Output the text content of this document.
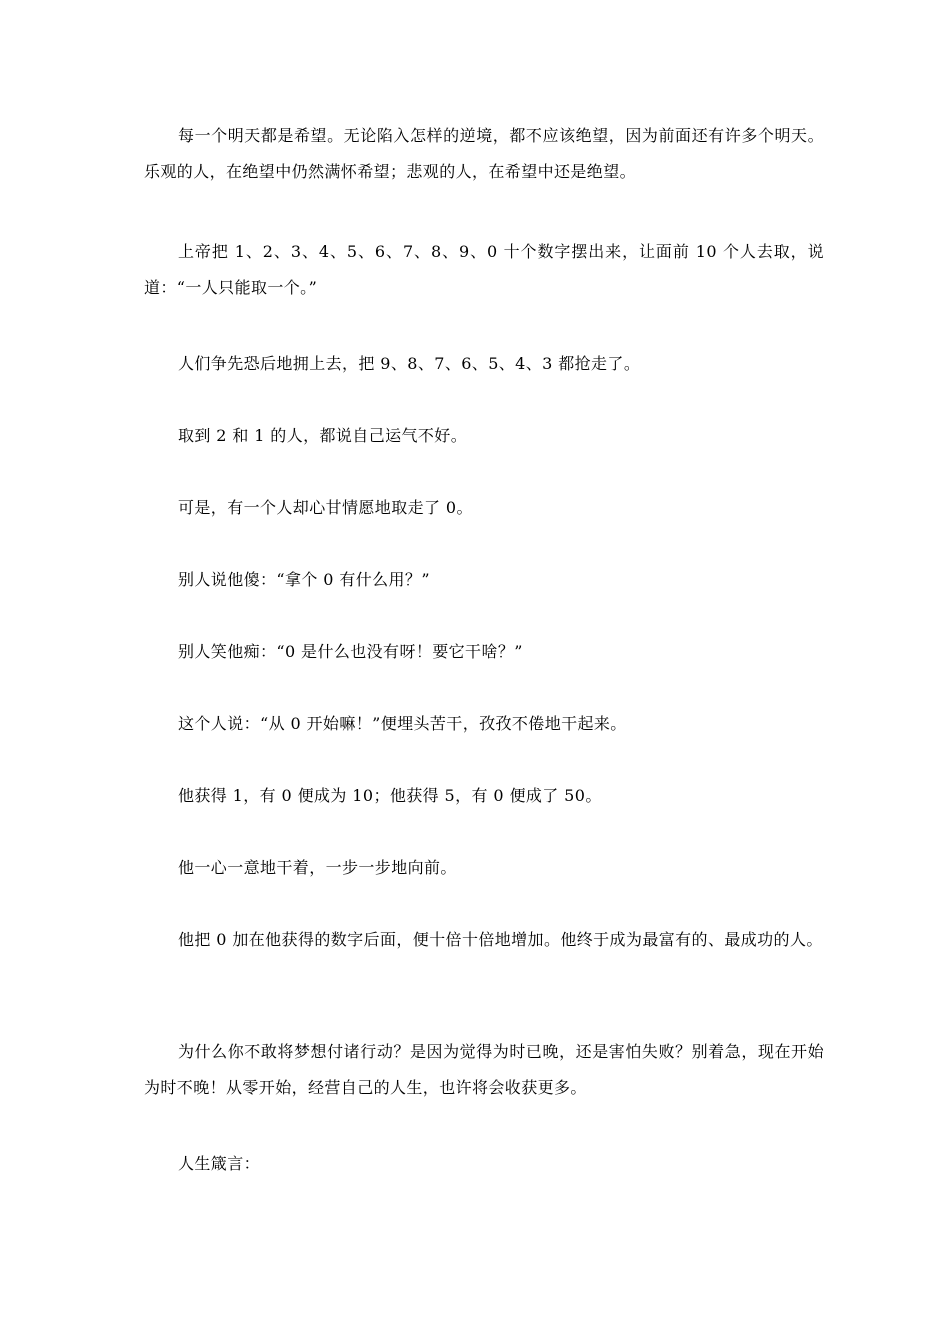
每一个明天都是希望。无论陷入怎样的逆境，都不应该绝望，因为前面还有许多个明天。乐观的人，在绝望中仍然满怀希望；悲观的人，在希望中还是绝望。

上帝把 1、2、3、4、5、6、7、8、9、0 十个数字摆出来，让面前 10 个人去取，说道：“一人只能取一个。”

人们争先恐后地拥上去，把 9、8、7、6、5、4、3 都抢走了。

取到 2 和 1 的人，都说自己运气不好。

可是，有一个人却心甘情愿地取走了 0。

别人说他傻：“拿个 0 有什么用？”

别人笑他痴：“0 是什么也没有呀！要它干啥？”

这个人说：“从 0 开始嘛！”便埋头苦干，孜孜不倦地干起来。

他获得 1，有 0 便成为 10；他获得 5，有 0 便成了 50。

他一心一意地干着，一步一步地向前。

他把 0 加在他获得的数字后面，便十倍十倍地增加。他终于成为最富有的、最成功的人。

为什么你不敢将梦想付诸行动？是因为觉得为时已晚，还是害怕失败？别着急，现在开始为时不晚！从零开始，经营自己的人生，也许将会收获更多。

人生箴言：
